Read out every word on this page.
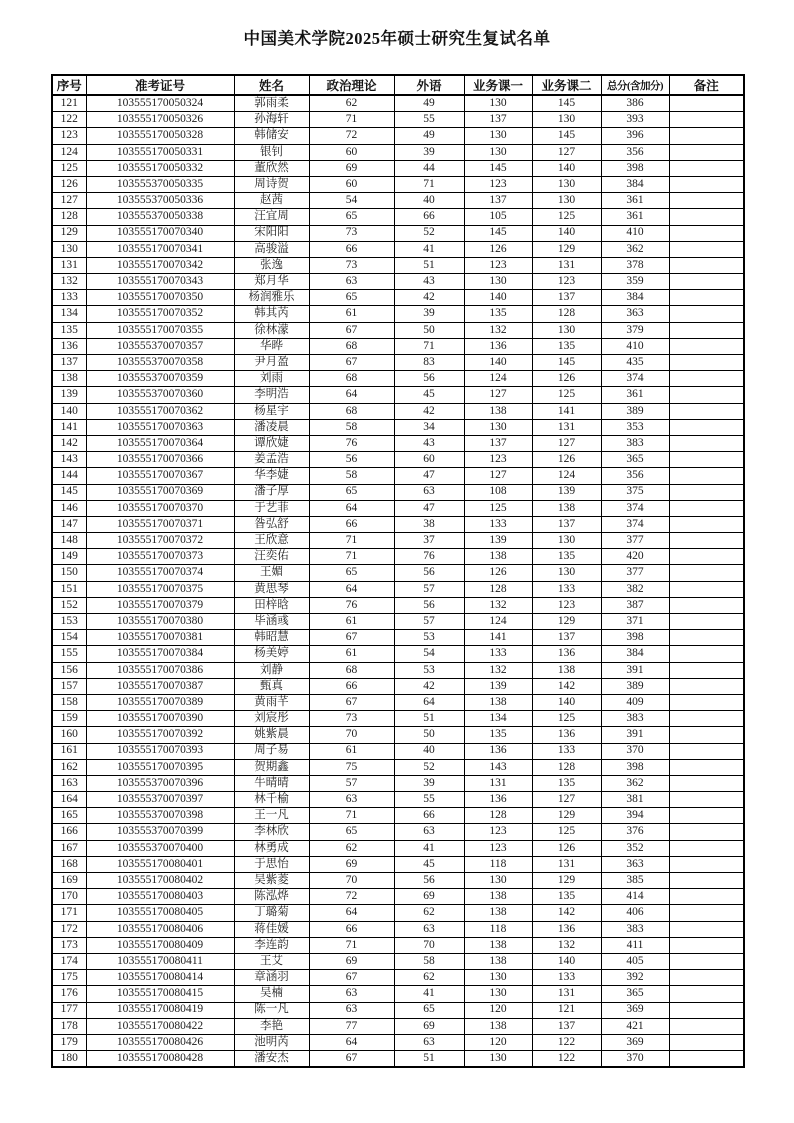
中国美术学院2025年硕士研究生复试名单
序号	准考证号	姓名	政治理论	外语	业务课一	业务课二	总分(含加分)	备注
121	103555170050324	郭雨柔	62	49	130	145	386	
122	103555170050326	孙海轩	71	55	137	130	393	
123	103555170050328	韩储安	72	49	130	145	396	
124	103555170050331	银钊	60	39	130	127	356	
125	103555170050332	董欣然	69	44	145	140	398	
126	103555370050335	周诗贺	60	71	123	130	384	
127	103555370050336	赵茜	54	40	137	130	361	
128	103555370050338	汪宜周	65	66	105	125	361	
129	103555170070340	宋阳阳	73	52	145	140	410	
130	103555170070341	高骏溢	66	41	126	129	362	
131	103555170070342	张逸	73	51	123	131	378	
132	103555170070343	郑月华	63	43	130	123	359	
133	103555170070350	杨润雅乐	65	42	140	137	384	
134	103555170070352	韩其芮	61	39	135	128	363	
135	103555170070355	徐林濛	67	50	132	130	379	
136	103555370070357	华晔	68	71	136	135	410	
137	103555370070358	尹月盈	67	83	140	145	435	
138	103555370070359	刘雨	68	56	124	126	374	
139	103555370070360	李明浩	64	45	127	125	361	
140	103555170070362	杨星宇	68	42	138	141	389	
141	103555170070363	潘凌晨	58	34	130	131	353	
142	103555170070364	谭欣婕	76	43	137	127	383	
143	103555170070366	姜孟浩	56	60	123	126	365	
144	103555170070367	华李婕	58	47	127	124	356	
145	103555170070369	潘子厚	65	63	108	139	375	
146	103555170070370	于艺菲	64	47	125	138	374	
147	103555170070371	昝弘舒	66	38	133	137	374	
148	103555170070372	王欣意	71	37	139	130	377	
149	103555170070373	汪奕佑	71	76	138	135	420	
150	103555170070374	王媚	65	56	126	130	377	
151	103555170070375	黄思琴	64	57	128	133	382	
152	103555170070379	田梓晗	76	56	132	123	387	
153	103555170070380	毕涵彧	61	57	124	129	371	
154	103555170070381	韩昭慧	67	53	141	137	398	
155	103555170070384	杨美婷	61	54	133	136	384	
156	103555170070386	刘静	68	53	132	138	391	
157	103555170070387	甄真	66	42	139	142	389	
158	103555170070389	黄雨芊	67	64	138	140	409	
159	103555170070390	刘宸彤	73	51	134	125	383	
160	103555170070392	姚紫晨	70	50	135	136	391	
161	103555170070393	周子易	61	40	136	133	370	
162	103555170070395	贺期鑫	75	52	143	128	398	
163	103555370070396	牛晴晴	57	39	131	135	362	
164	103555370070397	林千榆	63	55	136	127	381	
165	103555370070398	王一凡	71	66	128	129	394	
166	103555370070399	李林欣	65	63	123	125	376	
167	103555370070400	林勇成	62	41	123	126	352	
168	103555170080401	于思怡	69	45	118	131	363	
169	103555170080402	吴紫菱	70	56	130	129	385	
170	103555170080403	陈泓烨	72	69	138	135	414	
171	103555170080405	丁璐菊	64	62	138	142	406	
172	103555170080406	蒋佳媛	66	63	118	136	383	
173	103555170080409	李连韵	71	70	138	132	411	
174	103555170080411	王艾	69	58	138	140	405	
175	103555170080414	章涵羽	67	62	130	133	392	
176	103555170080415	吴楠	63	41	130	131	365	
177	103555170080419	陈一凡	63	65	120	121	369	
178	103555170080422	李艳	77	69	138	137	421	
179	103555170080426	池明芮	64	63	120	122	369	
180	103555170080428	潘安杰	67	51	130	122	370	
